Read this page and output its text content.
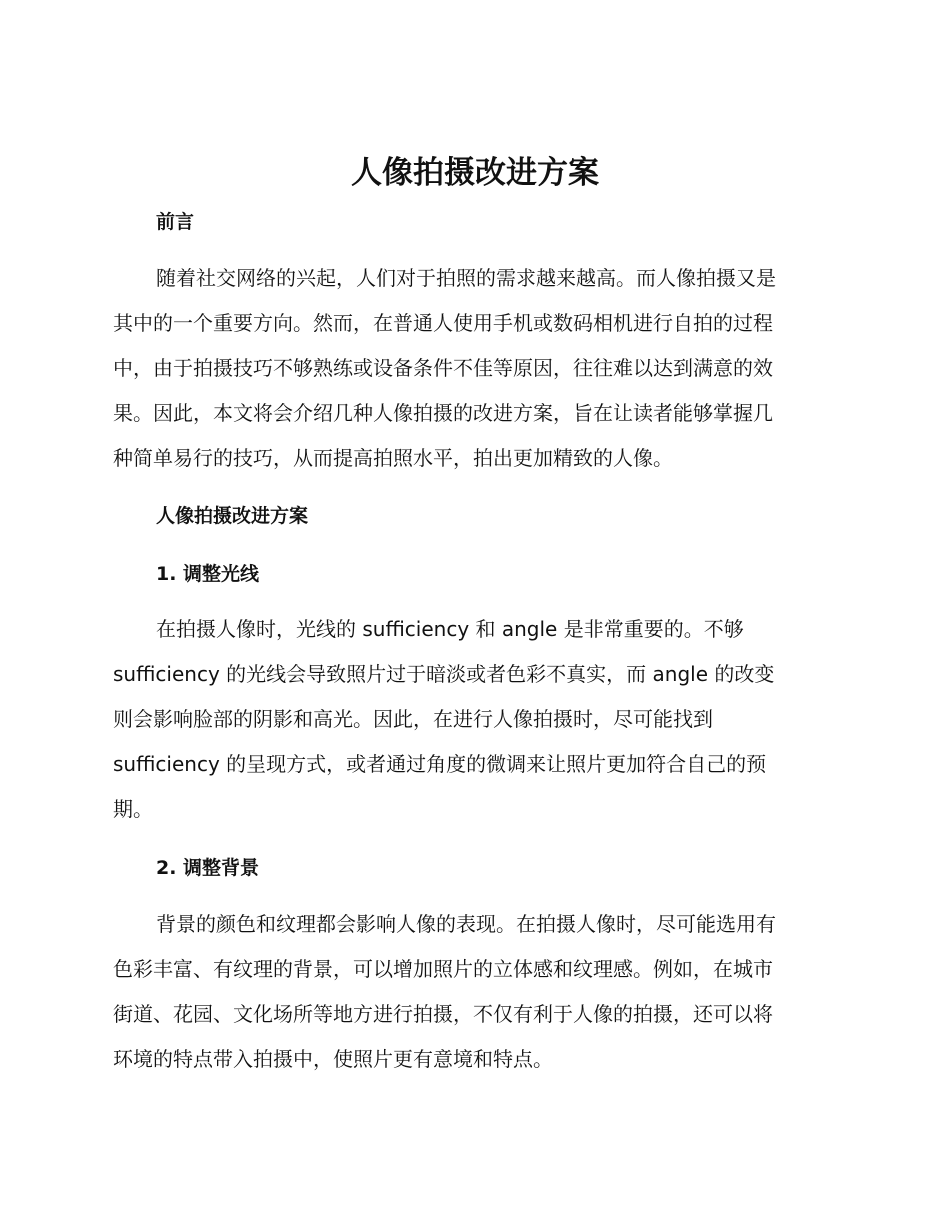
人像拍摄改进方案
前言

随着社交网络的兴起，人们对于拍照的需求越来越高。而人像拍摄又是
其中的一个重要方向。然而，在普通人使用手机或数码相机进行自拍的过程
中，由于拍摄技巧不够熟练或设备条件不佳等原因，往往难以达到满意的效
果。因此，本文将会介绍几种人像拍摄的改进方案，旨在让读者能够掌握几
种简单易行的技巧，从而提高拍照水平，拍出更加精致的人像。

人像拍摄改进方案
1. 调整光线

在拍摄人像时，光线的 sufficiency 和 angle 是非常重要的。不够
sufficiency 的光线会导致照片过于暗淡或者色彩不真实，而 angle 的改变
则会影响脸部的阴影和高光。因此，在进行人像拍摄时，尽可能找到
sufficiency 的呈现方式，或者通过角度的微调来让照片更加符合自己的预
期。

2. 调整背景

背景的颜色和纹理都会影响人像的表现。在拍摄人像时，尽可能选用有
色彩丰富、有纹理的背景，可以增加照片的立体感和纹理感。例如，在城市
街道、花园、文化场所等地方进行拍摄，不仅有利于人像的拍摄，还可以将
环境的特点带入拍摄中，使照片更有意境和特点。
